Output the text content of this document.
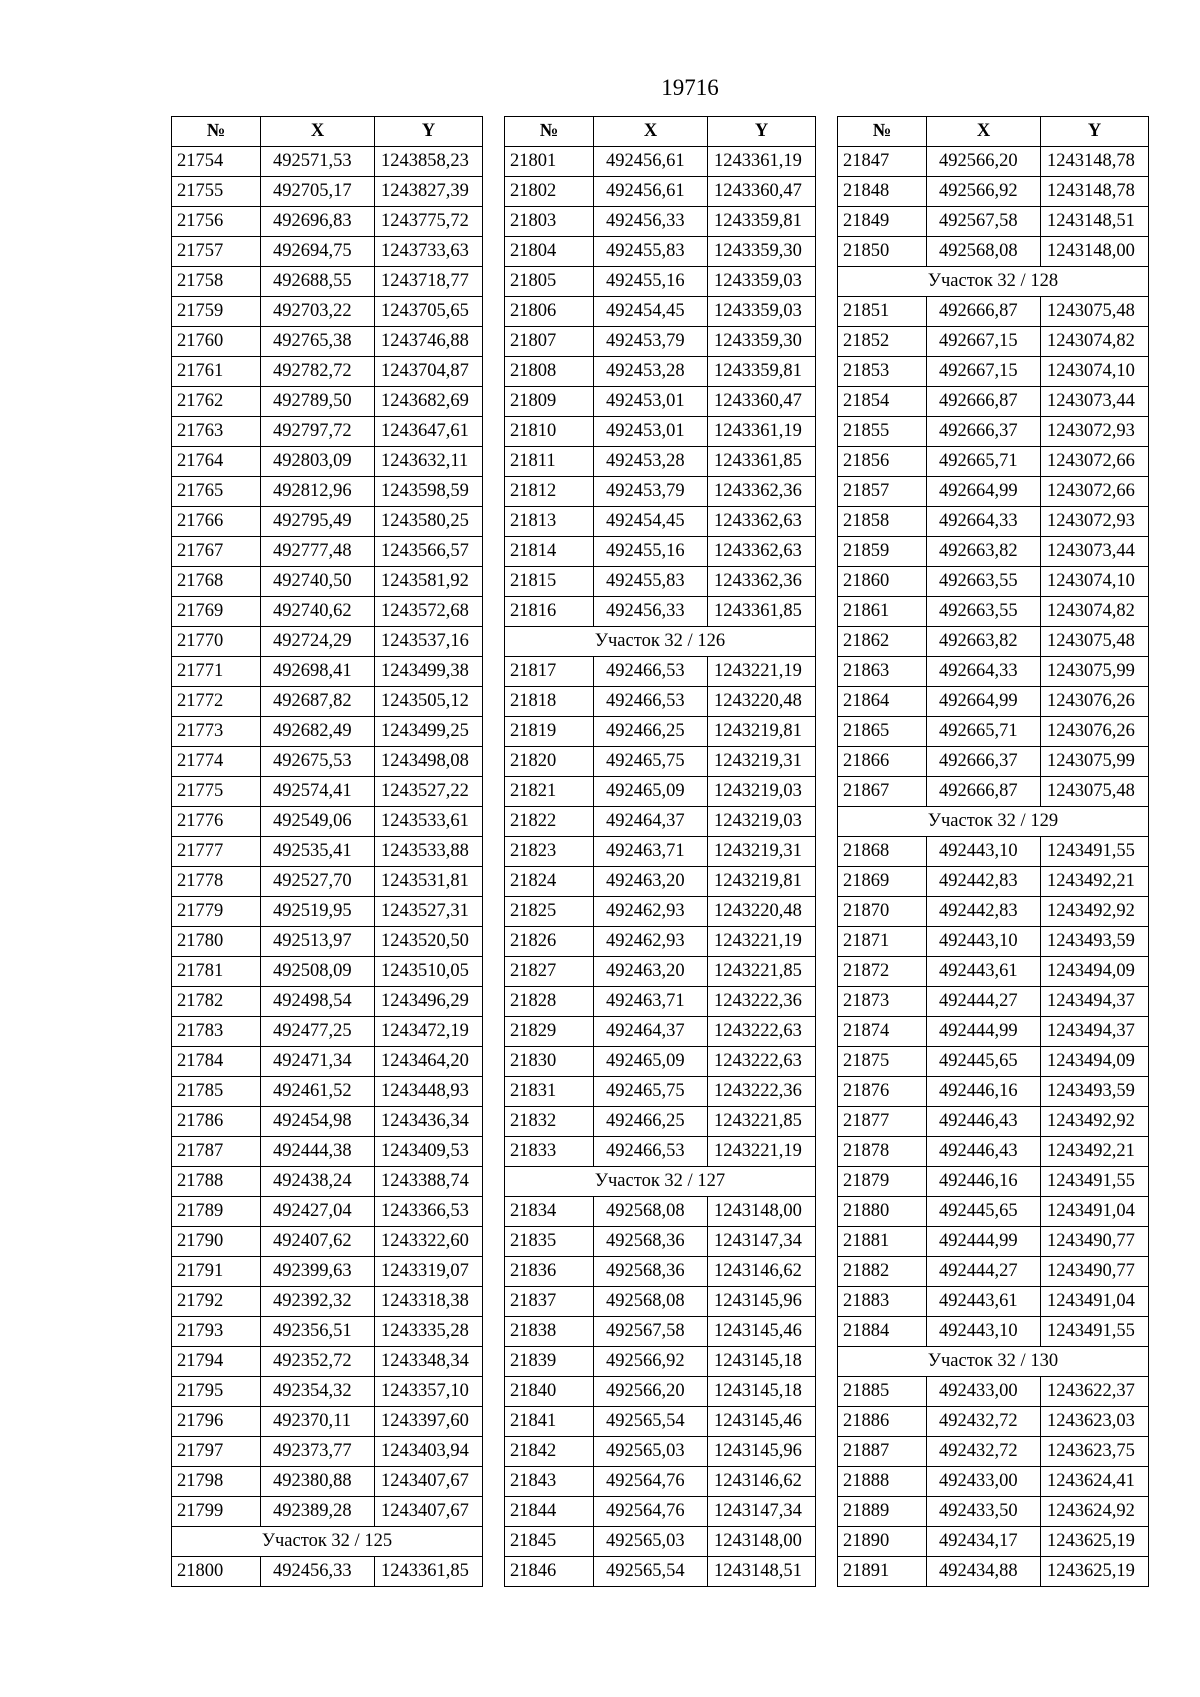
19716
№	X	Y
21754	492571,53	1243858,23
21755	492705,17	1243827,39
21756	492696,83	1243775,72
21757	492694,75	1243733,63
21758	492688,55	1243718,77
21759	492703,22	1243705,65
21760	492765,38	1243746,88
21761	492782,72	1243704,87
21762	492789,50	1243682,69
21763	492797,72	1243647,61
21764	492803,09	1243632,11
21765	492812,96	1243598,59
21766	492795,49	1243580,25
21767	492777,48	1243566,57
21768	492740,50	1243581,92
21769	492740,62	1243572,68
21770	492724,29	1243537,16
21771	492698,41	1243499,38
21772	492687,82	1243505,12
21773	492682,49	1243499,25
21774	492675,53	1243498,08
21775	492574,41	1243527,22
21776	492549,06	1243533,61
21777	492535,41	1243533,88
21778	492527,70	1243531,81
21779	492519,95	1243527,31
21780	492513,97	1243520,50
21781	492508,09	1243510,05
21782	492498,54	1243496,29
21783	492477,25	1243472,19
21784	492471,34	1243464,20
21785	492461,52	1243448,93
21786	492454,98	1243436,34
21787	492444,38	1243409,53
21788	492438,24	1243388,74
21789	492427,04	1243366,53
21790	492407,62	1243322,60
21791	492399,63	1243319,07
21792	492392,32	1243318,38
21793	492356,51	1243335,28
21794	492352,72	1243348,34
21795	492354,32	1243357,10
21796	492370,11	1243397,60
21797	492373,77	1243403,94
21798	492380,88	1243407,67
21799	492389,28	1243407,67
Участок 32 / 125		
21800	492456,33	1243361,85
№	X	Y
21801	492456,61	1243361,19
21802	492456,61	1243360,47
21803	492456,33	1243359,81
21804	492455,83	1243359,30
21805	492455,16	1243359,03
21806	492454,45	1243359,03
21807	492453,79	1243359,30
21808	492453,28	1243359,81
21809	492453,01	1243360,47
21810	492453,01	1243361,19
21811	492453,28	1243361,85
21812	492453,79	1243362,36
21813	492454,45	1243362,63
21814	492455,16	1243362,63
21815	492455,83	1243362,36
21816	492456,33	1243361,85
Участок 32 / 126		
21817	492466,53	1243221,19
21818	492466,53	1243220,48
21819	492466,25	1243219,81
21820	492465,75	1243219,31
21821	492465,09	1243219,03
21822	492464,37	1243219,03
21823	492463,71	1243219,31
21824	492463,20	1243219,81
21825	492462,93	1243220,48
21826	492462,93	1243221,19
21827	492463,20	1243221,85
21828	492463,71	1243222,36
21829	492464,37	1243222,63
21830	492465,09	1243222,63
21831	492465,75	1243222,36
21832	492466,25	1243221,85
21833	492466,53	1243221,19
Участок 32 / 127		
21834	492568,08	1243148,00
21835	492568,36	1243147,34
21836	492568,36	1243146,62
21837	492568,08	1243145,96
21838	492567,58	1243145,46
21839	492566,92	1243145,18
21840	492566,20	1243145,18
21841	492565,54	1243145,46
21842	492565,03	1243145,96
21843	492564,76	1243146,62
21844	492564,76	1243147,34
21845	492565,03	1243148,00
21846	492565,54	1243148,51
№	X	Y
21847	492566,20	1243148,78
21848	492566,92	1243148,78
21849	492567,58	1243148,51
21850	492568,08	1243148,00
Участок 32 / 128		
21851	492666,87	1243075,48
21852	492667,15	1243074,82
21853	492667,15	1243074,10
21854	492666,87	1243073,44
21855	492666,37	1243072,93
21856	492665,71	1243072,66
21857	492664,99	1243072,66
21858	492664,33	1243072,93
21859	492663,82	1243073,44
21860	492663,55	1243074,10
21861	492663,55	1243074,82
21862	492663,82	1243075,48
21863	492664,33	1243075,99
21864	492664,99	1243076,26
21865	492665,71	1243076,26
21866	492666,37	1243075,99
21867	492666,87	1243075,48
Участок 32 / 129		
21868	492443,10	1243491,55
21869	492442,83	1243492,21
21870	492442,83	1243492,92
21871	492443,10	1243493,59
21872	492443,61	1243494,09
21873	492444,27	1243494,37
21874	492444,99	1243494,37
21875	492445,65	1243494,09
21876	492446,16	1243493,59
21877	492446,43	1243492,92
21878	492446,43	1243492,21
21879	492446,16	1243491,55
21880	492445,65	1243491,04
21881	492444,99	1243490,77
21882	492444,27	1243490,77
21883	492443,61	1243491,04
21884	492443,10	1243491,55
Участок 32 / 130		
21885	492433,00	1243622,37
21886	492432,72	1243623,03
21887	492432,72	1243623,75
21888	492433,00	1243624,41
21889	492433,50	1243624,92
21890	492434,17	1243625,19
21891	492434,88	1243625,19
